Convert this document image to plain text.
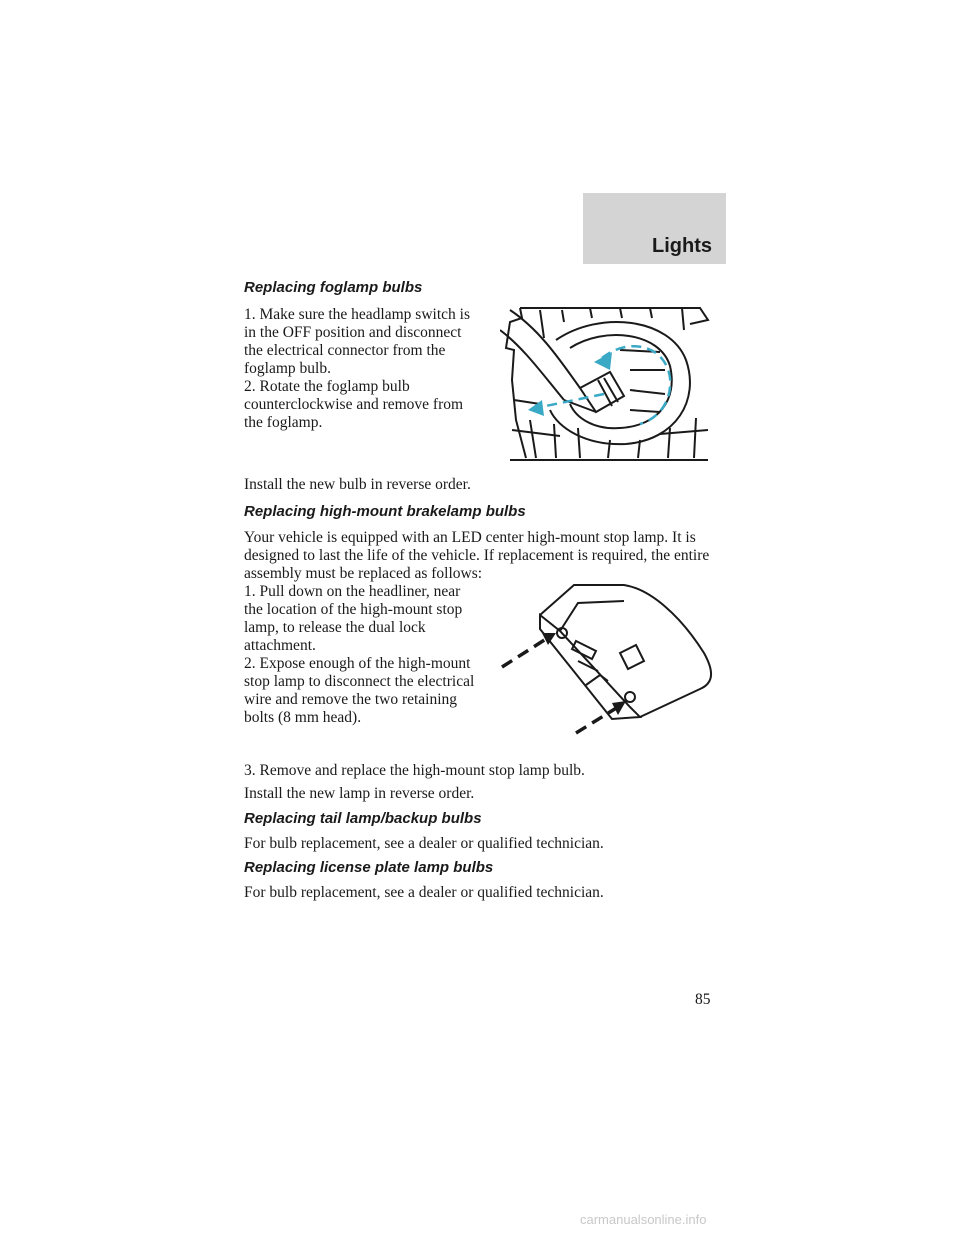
Lights
Replacing foglamp bulbs

1. Make sure the headlamp switch is in the OFF position and disconnect the electrical connector from the foglamp bulb.

2. Rotate the foglamp bulb counterclockwise and remove from the foglamp.

Install the new bulb in reverse order.

Replacing high-mount brakelamp bulbs

Your vehicle is equipped with an LED center high-mount stop lamp. It is designed to last the life of the vehicle. If replacement is required, the entire assembly must be replaced as follows:

1. Pull down on the headliner, near the location of the high-mount stop lamp, to release the dual lock attachment.

2. Expose enough of the high-mount stop lamp to disconnect the electrical wire and remove the two retaining bolts (8 mm head).

3. Remove and replace the high-mount stop lamp bulb.

Install the new lamp in reverse order.

Replacing tail lamp/backup bulbs

For bulb replacement, see a dealer or qualified technician.

Replacing license plate lamp bulbs

For bulb replacement, see a dealer or qualified technician.

85
carmanualsonline.info
